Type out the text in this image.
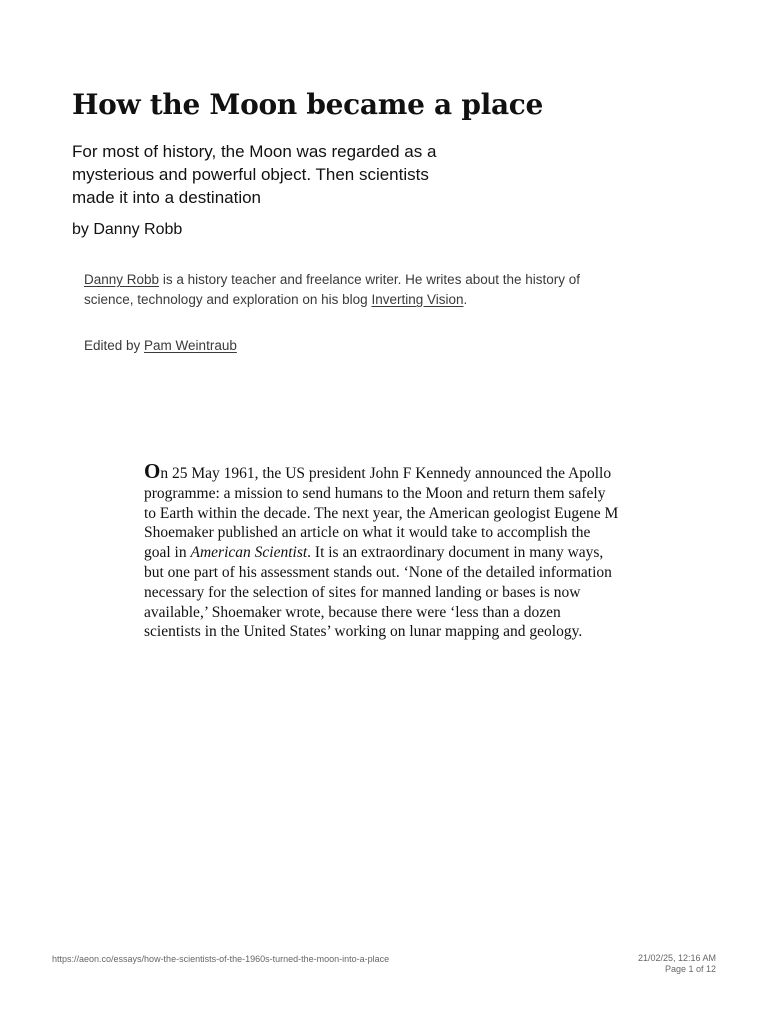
How the Moon became a place

For most of history, the Moon was regarded as a mysterious and powerful object. Then scientists made it into a destination

by Danny Robb

Danny Robb is a history teacher and freelance writer. He writes about the history of science, technology and exploration on his blog Inverting Vision.

Edited by Pam Weintraub

On 25 May 1961, the US president John F Kennedy announced the Apollo programme: a mission to send humans to the Moon and return them safely to Earth within the decade. The next year, the American geologist Eugene M Shoemaker published an article on what it would take to accomplish the goal in American Scientist. It is an extraordinary document in many ways, but one part of his assessment stands out. ‘None of the detailed information necessary for the selection of sites for manned landing or bases is now available,’ Shoemaker wrote, because there were ‘less than a dozen scientists in the United States’ working on lunar mapping and geology.

https://aeon.co/essays/how-the-scientists-of-the-1960s-turned-the-moon-into-a-place	21/02/25, 12:16 AM
Page 1 of 12
